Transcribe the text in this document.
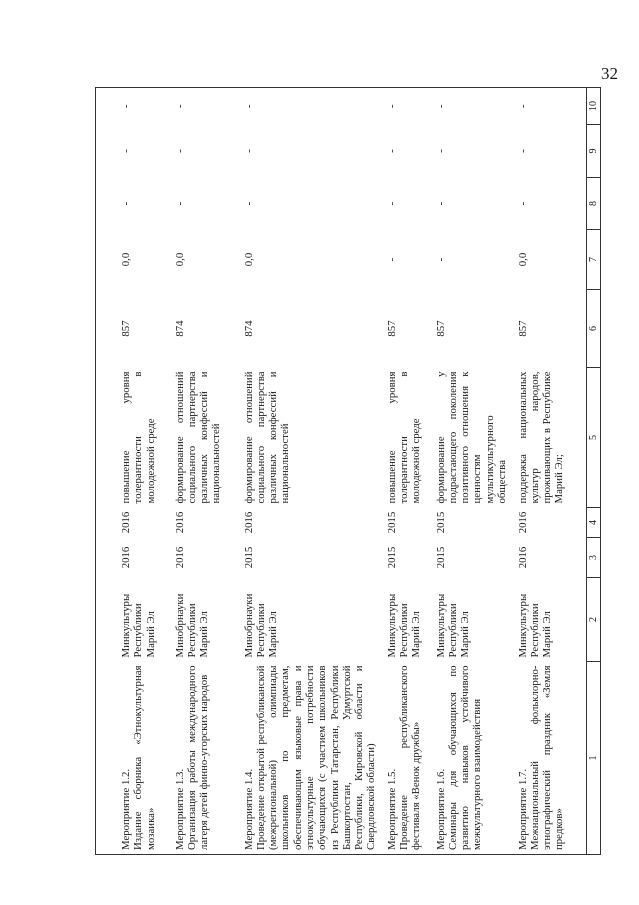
32
Мероприятие 1.2. Издание сборника «Этнокультурная мозаика»	Минкультуры Республики Марий Эл	2016	2016	повышение уровня толерантности в молодежной среде	857	0,0	-	-	-

Мероприятие 1.3. Организация работы международного лагеря детей финно-угорских народов	Минобрнауки Республики Марий Эл	2016	2016	формирование отношений социального партнерства различных конфессий и национальностей	874	0,0	-	-	-

Мероприятие 1.4. Проведение открытой республиканской (межрегиональной) олимпиады школьников по предметам, обеспечивающим языковые права и этнокультурные потребности обучающихся (с участием школьников из Республики Татарстан, Республики Башкортостан, Удмуртской Республики, Кировской области и Свердловской области)	Минобрнауки Республики Марий Эл	2015	2016	формирование отношений социального партнерства различных конфессий и национальностей	874	0,0	-	-	-

Мероприятие 1.5. Проведение республиканского фестиваля «Венок дружбы»	Минкультуры Республики Марий Эл	2015	2015	повышение уровня толерантности в молодежной среде	857	-	-	-	-

Мероприятие 1.6. Семинары для обучающихся по развитию навыков устойчивого межкультурного взаимодействия	Минкультуры Республики Марий Эл	2015	2015	формирование у подрастающего поколения позитивного отношения к ценностям мультикультурного общества	857	-	-	-	-

Мероприятие 1.7. Межнациональный фольклорно-этнографический праздник «Земля предков»	Минкультуры Республики Марий Эл	2016	2016	поддержка национальных культур народов, проживающих в Республике Марий Эл;	857	0,0	-	-	-
1	2	3	4	5	6	7	8	9	10
